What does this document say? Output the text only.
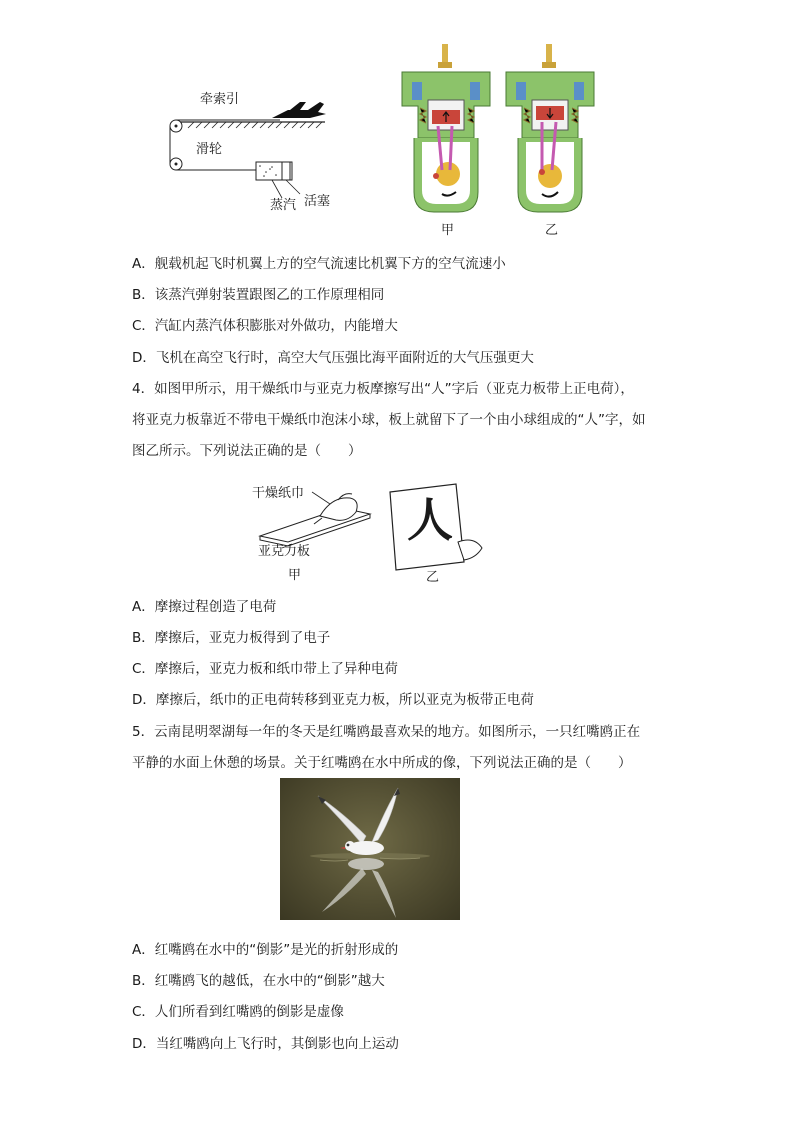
牵索引
滑轮
蒸汽 活塞
甲	乙
A．舰载机起飞时机翼上方的空气流速比机翼下方的空气流速小
B．该蒸汽弹射装置跟图乙的工作原理相同
C．汽缸内蒸汽体积膨胀对外做功，内能增大
D．飞机在高空飞行时，高空大气压强比海平面附近的大气压强更大
4．如图甲所示，用干燥纸巾与亚克力板摩擦写出“人”字后（亚克力板带上正电荷），
将亚克力板靠近不带电干燥纸巾泡沫小球，板上就留下了一个由小球组成的“人”字，如
图乙所示。下列说法正确的是（　　）
干燥纸巾
亚克力板
人
甲	乙
A．摩擦过程创造了电荷
B．摩擦后，亚克力板得到了电子
C．摩擦后，亚克力板和纸巾带上了异种电荷
D．摩擦后，纸巾的正电荷转移到亚克力板，所以亚克为板带正电荷
5．云南昆明翠湖每一年的冬天是红嘴鸥最喜欢呆的地方。如图所示，一只红嘴鸥正在
平静的水面上休憩的场景。关于红嘴鸥在水中所成的像，下列说法正确的是（　　）
A．红嘴鸥在水中的“倒影”是光的折射形成的
B．红嘴鸥飞的越低，在水中的“倒影”越大
C．人们所看到红嘴鸥的倒影是虚像
D．当红嘴鸥向上飞行时，其倒影也向上运动
